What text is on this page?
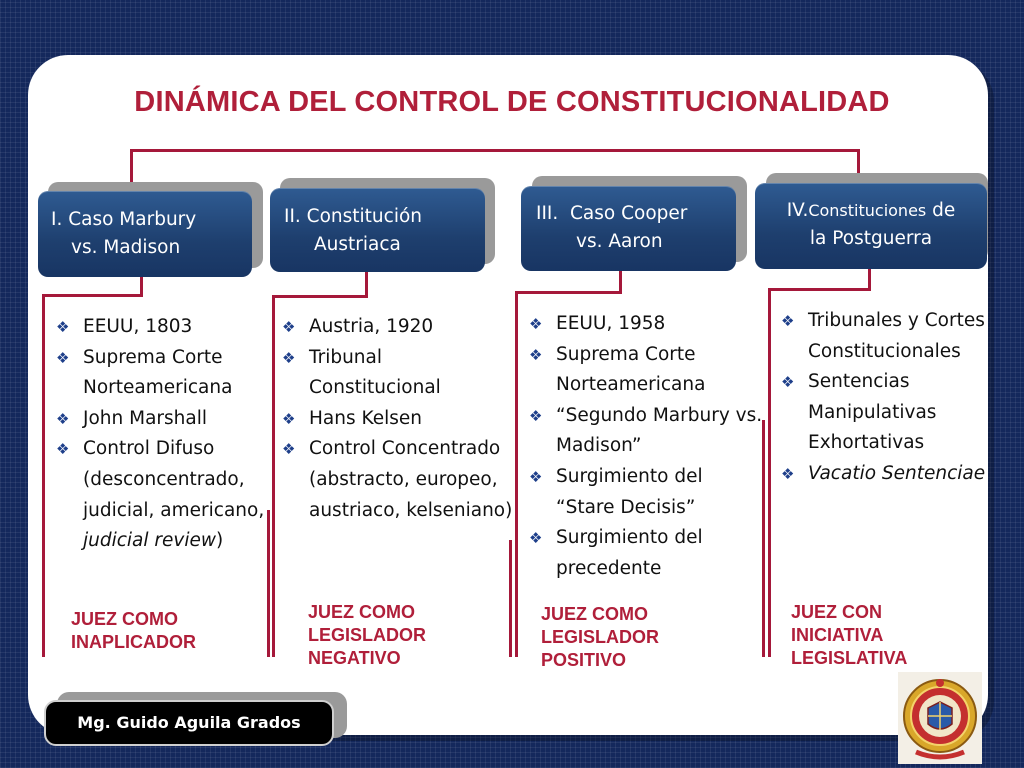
DINÁMICA DEL CONTROL DE CONSTITUCIONALIDAD
I. Caso Marbury
vs. Madison
II. Constitución
Austriaca
III.  Caso Cooper
vs. Aaron
IV.Constituciones de
la Postguerra
❖ EEUU, 1803
❖ Suprema Corte Norteamericana
❖ John Marshall
❖ Control Difuso (desconcentrado, judicial, americano, judicial review)
❖ Austria, 1920
❖ Tribunal Constitucional
❖ Hans Kelsen
❖ Control Concentrado (abstracto, europeo, austriaco, kelseniano)
❖ EEUU, 1958
❖ Suprema Corte Norteamericana
❖ “Segundo Marbury vs. Madison”
❖ Surgimiento del “Stare Decisis”
❖ Surgimiento del precedente
❖ Tribunales y Cortes Constitucionales
❖ Sentencias Manipulativas Exhortativas
❖ Vacatio Sentenciae
JUEZ COMO
INAPLICADOR
JUEZ COMO
LEGISLADOR
NEGATIVO
JUEZ COMO
LEGISLADOR
POSITIVO
JUEZ CON
INICIATIVA
LEGISLATIVA
Mg. Guido Aguila Grados
